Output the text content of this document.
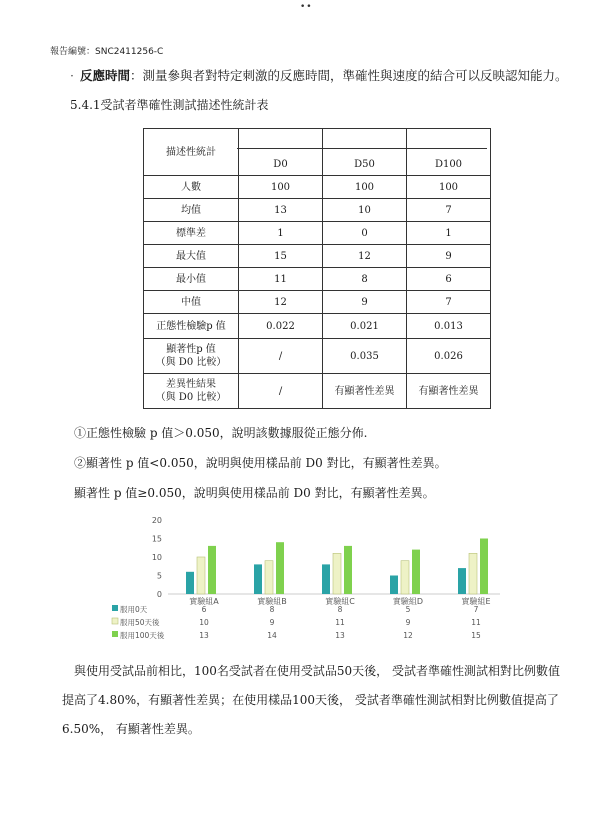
••
報告編號：SNC2411256-C
· 反應時間：測量參與者對特定刺激的反應時間，準確性與速度的結合可以反映認知能力。
5.4.1受試者準確性測試描述性統計表
描述性統計	D0	D50	D100
人數	100	100	100
均值	13	10	7
標準差	1	0	1
最大值	15	12	9
最小值	11	8	6
中值	12	9	7
正態性檢驗p 值	0.022	0.021	0.013
顯著性p 值
（與 D0 比較）	/	0.035	0.026
差異性結果
（與 D0 比較）	/	有顯著性差異	有顯著性差異
①正態性檢驗 p 值＞0.050，說明該數據服從正態分佈.
②顯著性 p 值<0.050，說明與使用樣品前 D0 對比，有顯著性差異。
顯著性 p 值≥0.050，說明與使用樣品前 D0 對比，有顯著性差異。
0
5
10
15
20
實驗組A	實驗組B	實驗組C	實驗組D	實驗組E
服用0天	6	8	8	5	7
服用50天後	10	9	11	9	11
服用100天後	13	14	13	12	15
與使用受試品前相比，100名受試者在使用受試品50天後， 受試者準確性測試相對比例數值
提高了4.80%，有顯著性差異；在使用樣品100天後， 受試者準確性測試相對比例數值提高了
6.50%， 有顯著性差異。
